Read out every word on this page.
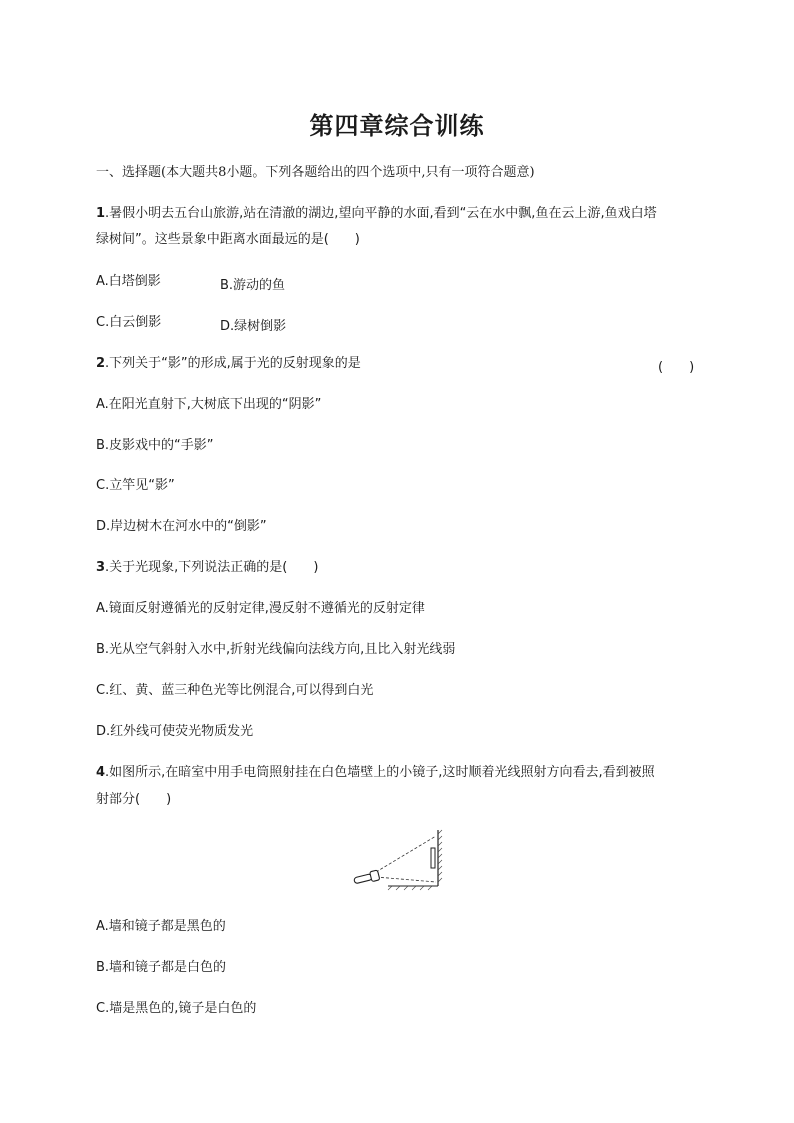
第四章综合训练
一、选择题(本大题共8小题。下列各题给出的四个选项中,只有一项符合题意)
1.暑假小明去五台山旅游,站在清澈的湖边,望向平静的水面,看到“云在水中飘,鱼在云上游,鱼戏白塔
绿树间”。这些景象中距离水面最远的是(　　)
A.白塔倒影	B.游动的鱼
C.白云倒影	D.绿树倒影
2.下列关于“影”的形成,属于光的反射现象的是	(　　)
A.在阳光直射下,大树底下出现的“阴影”
B.皮影戏中的“手影”
C.立竿见“影”
D.岸边树木在河水中的“倒影”
3.关于光现象,下列说法正确的是(　　)
A.镜面反射遵循光的反射定律,漫反射不遵循光的反射定律
B.光从空气斜射入水中,折射光线偏向法线方向,且比入射光线弱
C.红、黄、蓝三种色光等比例混合,可以得到白光
D.红外线可使荧光物质发光
4.如图所示,在暗室中用手电筒照射挂在白色墙壁上的小镜子,这时顺着光线照射方向看去,看到被照
射部分(　　)
A.墙和镜子都是黑色的
B.墙和镜子都是白色的
C.墙是黑色的,镜子是白色的
